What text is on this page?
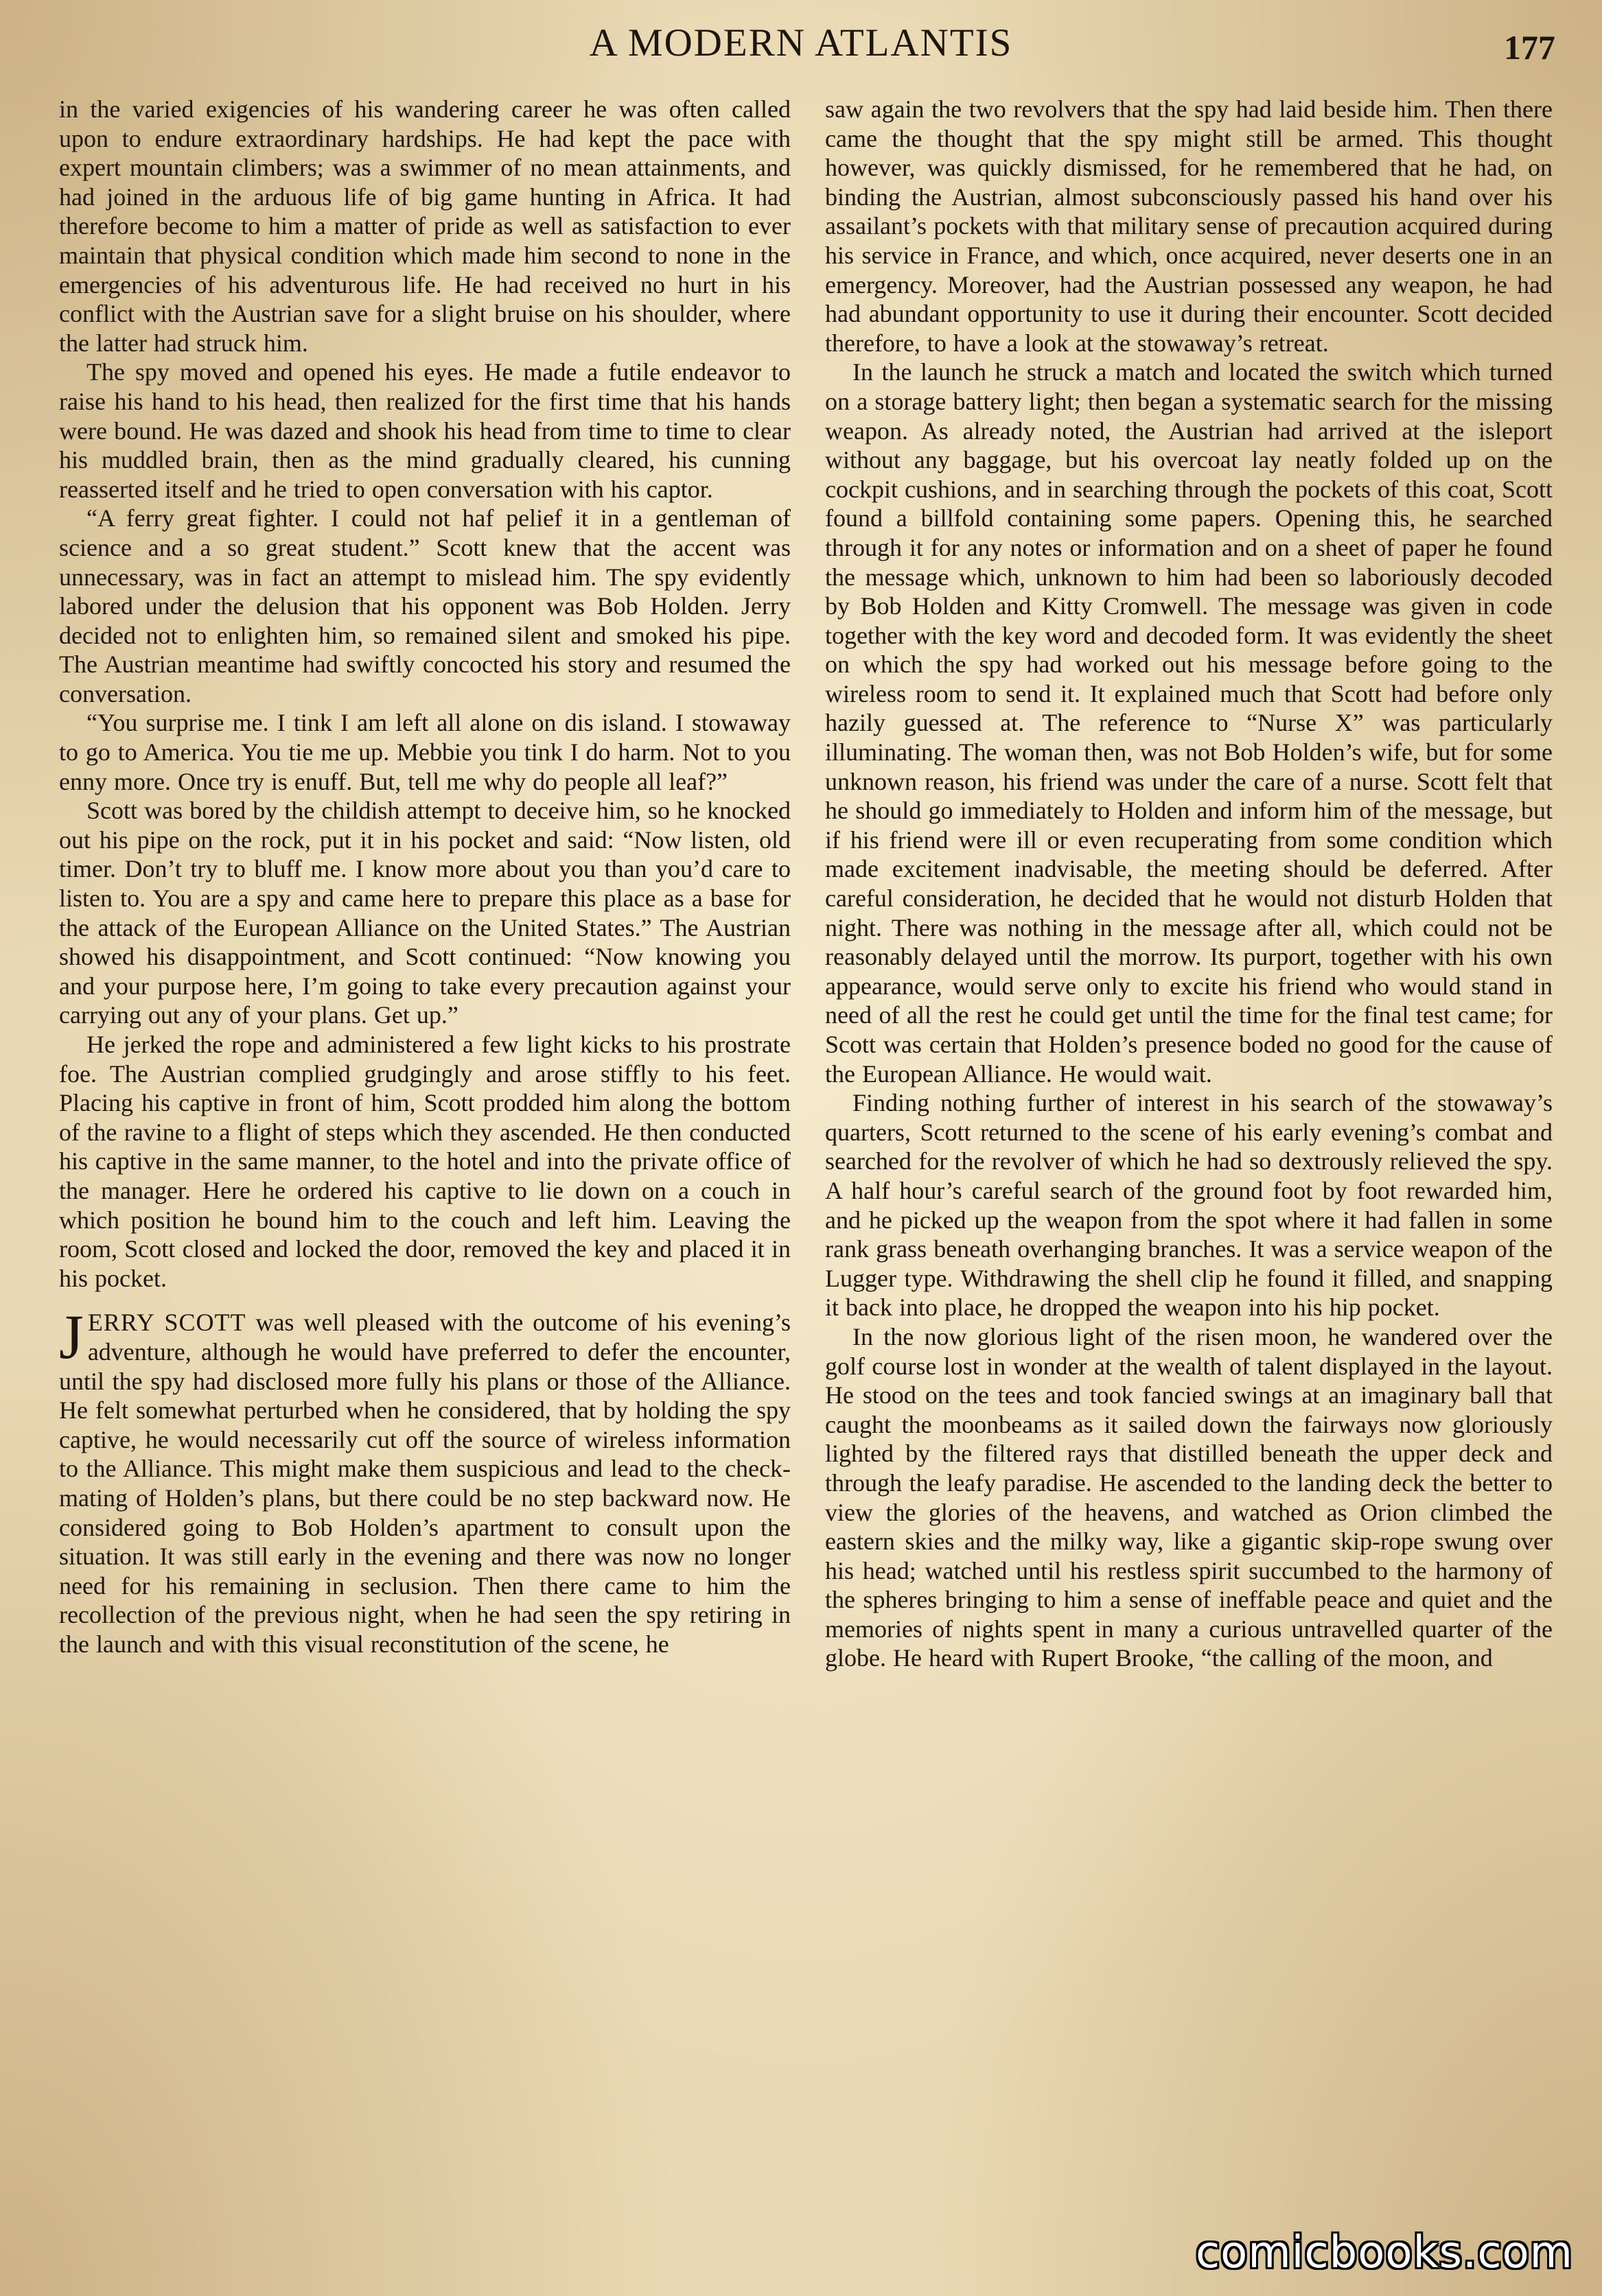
A MODERN ATLANTIS	177

in the varied exigencies of his wandering career he was often called upon to endure extraordinary hardships. He had kept the pace with expert mountain climbers; was a swimmer of no mean attainments, and had joined in the arduous life of big game hunting in Africa. It had therefore become to him a matter of pride as well as satisfaction to ever maintain that physical condition which made him second to none in the emergencies of his adventurous life. He had received no hurt in his conflict with the Austrian save for a slight bruise on his shoulder, where the latter had struck him.

The spy moved and opened his eyes. He made a futile endeavor to raise his hand to his head, then realized for the first time that his hands were bound. He was dazed and shook his head from time to time to clear his muddled brain, then as the mind gradually cleared, his cunning reasserted itself and he tried to open conversation with his captor.

“A ferry great fighter. I could not haf pelief it in a gentleman of science and a so great student.” Scott knew that the accent was unnecessary, was in fact an attempt to mislead him. The spy evidently labored under the delusion that his opponent was Bob Holden. Jerry decided not to enlighten him, so remained silent and smoked his pipe. The Austrian meantime had swiftly concocted his story and resumed the conversation.

“You surprise me. I tink I am left all alone on dis island. I stowaway to go to America. You tie me up. Mebbie you tink I do harm. Not to you enny more. Once try is enuff. But, tell me why do people all leaf?”

Scott was bored by the childish attempt to deceive him, so he knocked out his pipe on the rock, put it in his pocket and said: “Now listen, old timer. Don’t try to bluff me. I know more about you than you’d care to listen to. You are a spy and came here to prepare this place as a base for the attack of the European Alliance on the United States.” The Austrian showed his disappointment, and Scott continued: “Now knowing you and your purpose here, I’m going to take every precaution against your carrying out any of your plans. Get up.”

He jerked the rope and administered a few light kicks to his prostrate foe. The Austrian complied grudgingly and arose stiffly to his feet. Placing his captive in front of him, Scott prodded him along the bottom of the ravine to a flight of steps which they ascended. He then conducted his captive in the same manner, to the hotel and into the private office of the manager. Here he ordered his captive to lie down on a couch in which position he bound him to the couch and left him. Leaving the room, Scott closed and locked the door, removed the key and placed it in his pocket.

JERRY SCOTT was well pleased with the outcome of his evening’s adventure, although he would have preferred to defer the encounter, until the spy had disclosed more fully his plans or those of the Alliance. He felt somewhat perturbed when he considered, that by holding the spy captive, he would necessarily cut off the source of wireless information to the Alliance. This might make them suspicious and lead to the check-mating of Holden’s plans, but there could be no step backward now. He considered going to Bob Holden’s apartment to consult upon the situation. It was still early in the evening and there was now no longer need for his remaining in seclusion. Then there came to him the recollection of the previous night, when he had seen the spy retiring in the launch and with this visual reconstitution of the scene, he

saw again the two revolvers that the spy had laid beside him. Then there came the thought that the spy might still be armed. This thought however, was quickly dismissed, for he remembered that he had, on binding the Austrian, almost subconsciously passed his hand over his assailant’s pockets with that military sense of precaution acquired during his service in France, and which, once acquired, never deserts one in an emergency. Moreover, had the Austrian possessed any weapon, he had had abundant opportunity to use it during their encounter. Scott decided therefore, to have a look at the stowaway’s retreat.

In the launch he struck a match and located the switch which turned on a storage battery light; then began a systematic search for the missing weapon. As already noted, the Austrian had arrived at the isleport without any baggage, but his overcoat lay neatly folded up on the cockpit cushions, and in searching through the pockets of this coat, Scott found a billfold containing some papers. Opening this, he searched through it for any notes or information and on a sheet of paper he found the message which, unknown to him had been so laboriously decoded by Bob Holden and Kitty Cromwell. The message was given in code together with the key word and decoded form. It was evidently the sheet on which the spy had worked out his message before going to the wireless room to send it. It explained much that Scott had before only hazily guessed at. The reference to “Nurse X” was particularly illuminating. The woman then, was not Bob Holden’s wife, but for some unknown reason, his friend was under the care of a nurse. Scott felt that he should go immediately to Holden and inform him of the message, but if his friend were ill or even recuperating from some condition which made excitement inadvisable, the meeting should be deferred. After careful consideration, he decided that he would not disturb Holden that night. There was nothing in the message after all, which could not be reasonably delayed until the morrow. Its purport, together with his own appearance, would serve only to excite his friend who would stand in need of all the rest he could get until the time for the final test came; for Scott was certain that Holden’s presence boded no good for the cause of the European Alliance. He would wait.

Finding nothing further of interest in his search of the stowaway’s quarters, Scott returned to the scene of his early evening’s combat and searched for the revolver of which he had so dextrously relieved the spy. A half hour’s careful search of the ground foot by foot rewarded him, and he picked up the weapon from the spot where it had fallen in some rank grass beneath overhanging branches. It was a service weapon of the Lugger type. Withdrawing the shell clip he found it filled, and snapping it back into place, he dropped the weapon into his hip pocket.

In the now glorious light of the risen moon, he wandered over the golf course lost in wonder at the wealth of talent displayed in the layout. He stood on the tees and took fancied swings at an imaginary ball that caught the moonbeams as it sailed down the fairways now gloriously lighted by the filtered rays that distilled beneath the upper deck and through the leafy paradise. He ascended to the landing deck the better to view the glories of the heavens, and watched as Orion climbed the eastern skies and the milky way, like a gigantic skip-rope swung over his head; watched until his restless spirit succumbed to the harmony of the spheres bringing to him a sense of ineffable peace and quiet and the memories of nights spent in many a curious untravelled quarter of the globe. He heard with Rupert Brooke, “the calling of the moon, and

comicbooks.com
